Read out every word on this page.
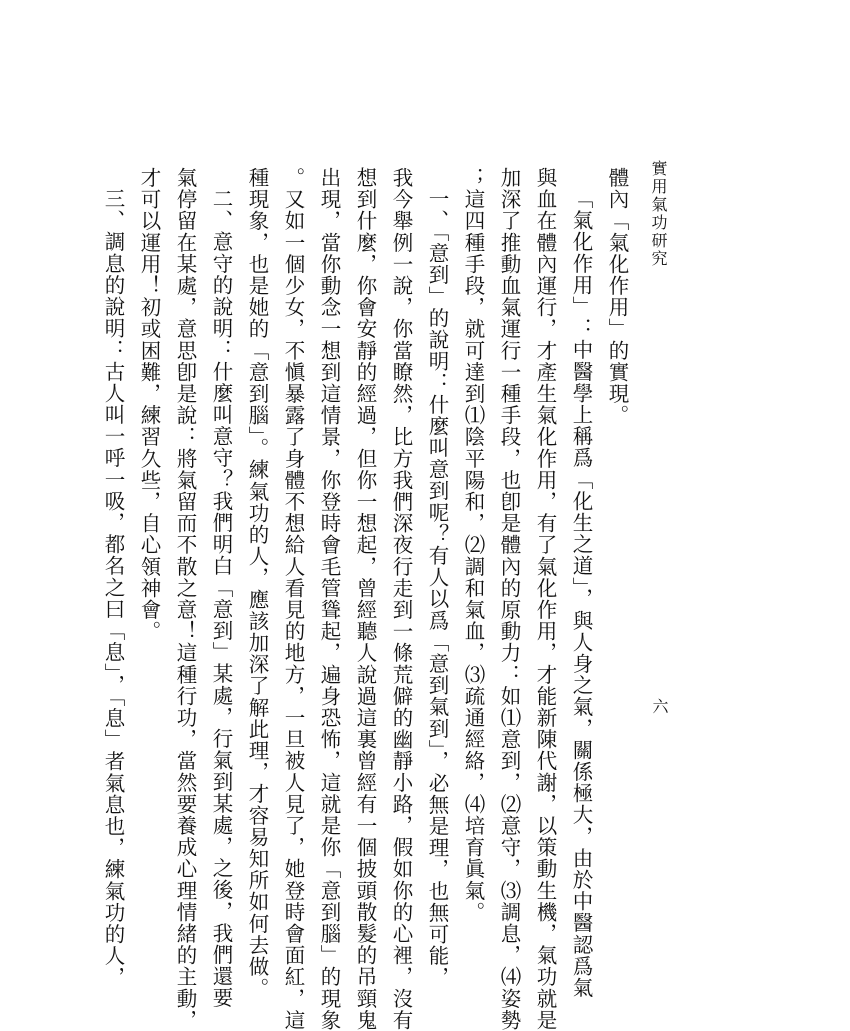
實用氣功研究
六
體內「氣化作用」的實現。
「氣化作用」：中醫學上稱爲「化生之道」，與人身之氣，關係極大，由於中醫認爲氣
與血在體內運行，才產生氣化作用，有了氣化作用，才能新陳代謝，以策動生機，氣功就是
加深了推動血氣運行一種手段，也卽是體內的原動力：如⑴意到，⑵意守，⑶調息，⑷姿勢
；這四種手段，就可達到⑴陰平陽和，⑵調和氣血，⑶疏通經絡，⑷培育眞氣。
一、「意到」的說明：什麼叫意到呢？有人以爲「意到氣到」，必無是理，也無可能，
我今舉例一說，你當瞭然，比方我們深夜行走到一條荒僻的幽靜小路，假如你的心裡，沒有
想到什麼，你會安靜的經過，但你一想起，曾經聽人說過這裏曾經有一個披頭散髮的吊頸鬼
出現，當你動念一想到這情景，你登時會毛管聳起，遍身恐怖，這就是你「意到腦」的現象
。又如一個少女，不愼暴露了身體不想給人看見的地方，一旦被人見了，她登時會面紅，這
種現象，也是她的「意到腦」。練氣功的人，應該加深了解此理，才容易知所如何去做。
二、意守的說明：什麼叫意守？我們明白「意到」某處，行氣到某處，之後，我們還要
氣停留在某處，意思卽是說：將氣留而不散之意！這種行功，當然要養成心理情緒的主動，
才可以運用！初或困難，練習久些，自心領神會。
三、調息的說明：古人叫一呼一吸，都名之曰「息」，「息」者氣息也，練氣功的人，
